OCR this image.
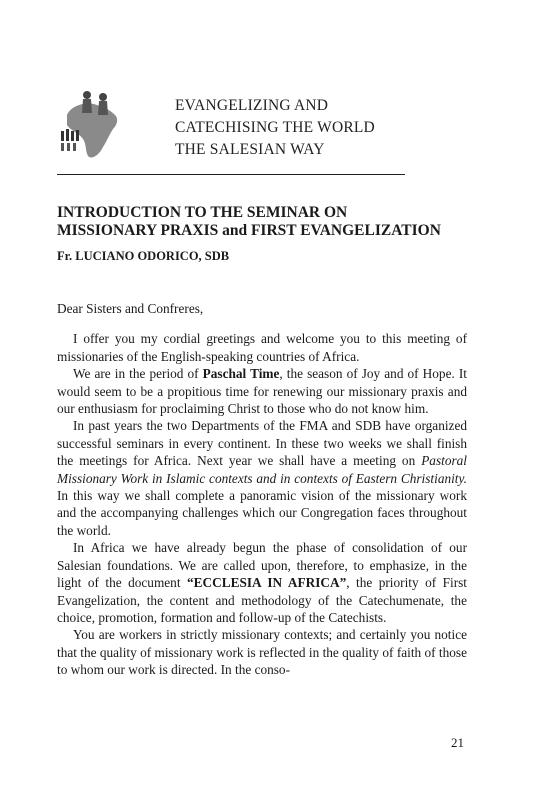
EVANGELIZING AND
CATECHISING THE WORLD
THE SALESIAN WAY
INTRODUCTION TO THE SEMINAR ON
MISSIONARY PRAXIS and FIRST EVANGELIZATION
Fr. LUCIANO ODORICO, SDB

Dear Sisters and Confreres,

I offer you my cordial greetings and welcome you to this meeting of missionaries of the English-speaking countries of Africa.

We are in the period of Paschal Time, the season of Joy and of Hope. It would seem to be a propitious time for renewing our missionary praxis and our enthusiasm for proclaiming Christ to those who do not know him.

In past years the two Departments of the FMA and SDB have organized successful seminars in every continent. In these two weeks we shall finish the meetings for Africa. Next year we shall have a meeting on Pastoral Missionary Work in Islamic contexts and in contexts of Eastern Christianity. In this way we shall complete a panoramic vision of the missionary work and the accompanying challenges which our Congregation faces throughout the world.

In Africa we have already begun the phase of consolidation of our Salesian foundations. We are called upon, therefore, to emphasize, in the light of the document “ECCLESIA IN AFRICA”, the priority of First Evangelization, the content and methodology of the Catechumenate, the choice, promotion, formation and follow-up of the Catechists.

You are workers in strictly missionary contexts; and certainly you notice that the quality of missionary work is reflected in the quality of faith of those to whom our work is directed. In the conso-

21
